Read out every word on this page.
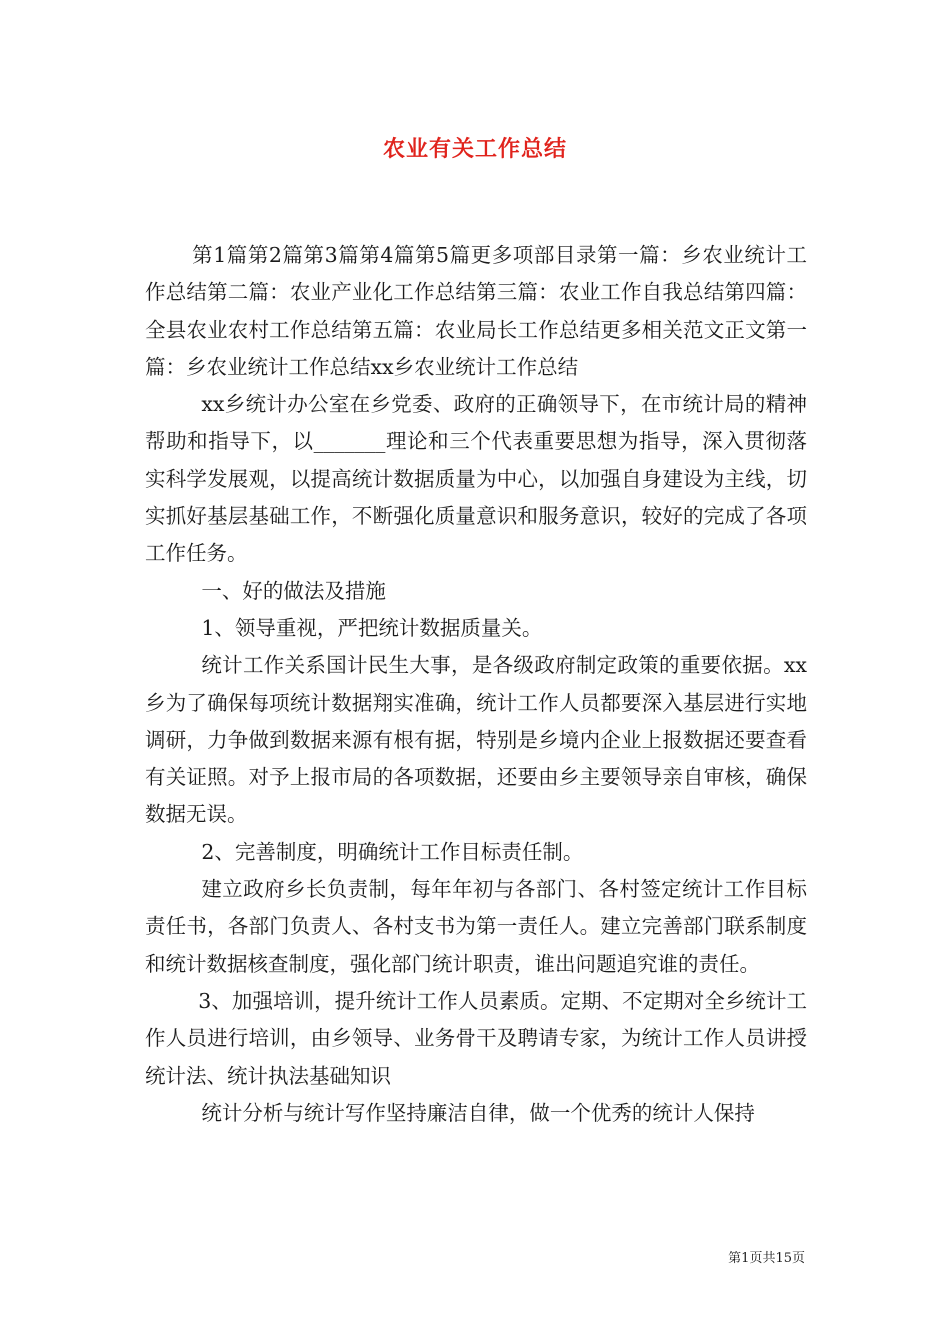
农业有关工作总结

第1篇第2篇第3篇第4篇第5篇更多项部目录第一篇：乡农业统计工作总结第二篇：农业产业化工作总结第三篇：农业工作自我总结第四篇：全县农业农村工作总结第五篇：农业局长工作总结更多相关范文正文第一篇：乡农业统计工作总结xx乡农业统计工作总结

xx乡统计办公室在乡党委、政府的正确领导下，在市统计局的精神帮助和指导下，以_______理论和三个代表重要思想为指导，深入贯彻落实科学发展观，以提高统计数据质量为中心，以加强自身建设为主线，切实抓好基层基础工作，不断强化质量意识和服务意识，较好的完成了各项工作任务。

一、好的做法及措施

1、领导重视，严把统计数据质量关。

统计工作关系国计民生大事，是各级政府制定政策的重要依据。xx乡为了确保每项统计数据翔实准确，统计工作人员都要深入基层进行实地调研，力争做到数据来源有根有据，特别是乡境内企业上报数据还要查看有关证照。对予上报市局的各项数据，还要由乡主要领导亲自审核，确保数据无误。

2、完善制度，明确统计工作目标责任制。

建立政府乡长负责制，每年年初与各部门、各村签定统计工作目标责任书，各部门负责人、各村支书为第一责任人。建立完善部门联系制度和统计数据核查制度，强化部门统计职责，谁出问题追究谁的责任。

3、加强培训，提升统计工作人员素质。定期、不定期对全乡统计工作人员进行培训，由乡领导、业务骨干及聘请专家，为统计工作人员讲授统计法、统计执法基础知识

统计分析与统计写作坚持廉洁自律，做一个优秀的统计人保持

第1页共15页
